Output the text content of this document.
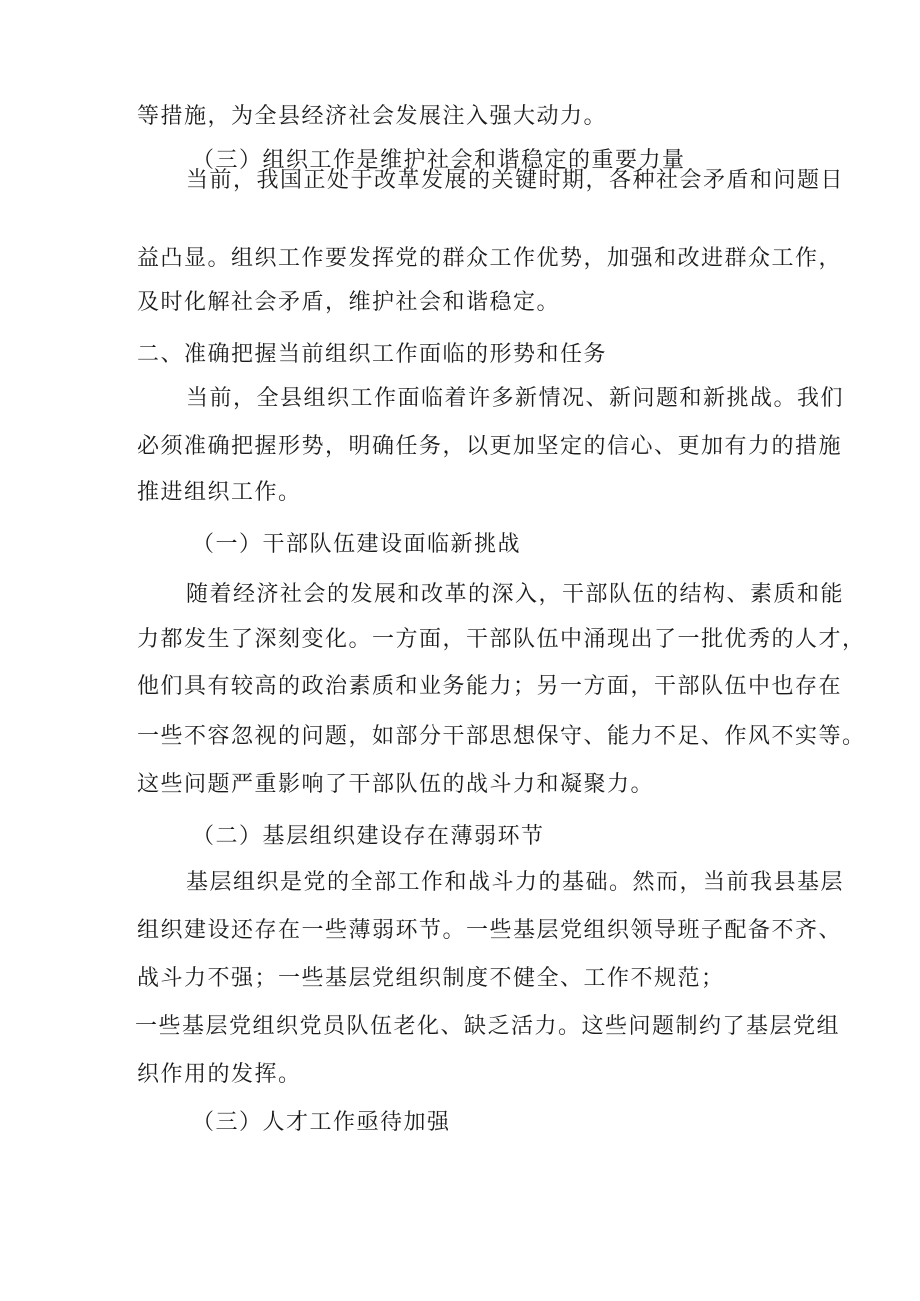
等措施，为全县经济社会发展注入强大动力。
（三）组织工作是维护社会和谐稳定的重要力量
当前，我国正处于改革发展的关键时期，各种社会矛盾和问题日
益凸显。组织工作要发挥党的群众工作优势，加强和改进群众工作，
及时化解社会矛盾，维护社会和谐稳定。
二、准确把握当前组织工作面临的形势和任务
当前，全县组织工作面临着许多新情况、新问题和新挑战。我们
必须准确把握形势，明确任务，以更加坚定的信心、更加有力的措施
推进组织工作。
（一）干部队伍建设面临新挑战
随着经济社会的发展和改革的深入，干部队伍的结构、素质和能
力都发生了深刻变化。一方面，干部队伍中涌现出了一批优秀的人才，
他们具有较高的政治素质和业务能力；另一方面，干部队伍中也存在
一些不容忽视的问题，如部分干部思想保守、能力不足、作风不实等。
这些问题严重影响了干部队伍的战斗力和凝聚力。
（二）基层组织建设存在薄弱环节
基层组织是党的全部工作和战斗力的基础。然而，当前我县基层
组织建设还存在一些薄弱环节。一些基层党组织领导班子配备不齐、
战斗力不强；一些基层党组织制度不健全、工作不规范；
一些基层党组织党员队伍老化、缺乏活力。这些问题制约了基层党组
织作用的发挥。
（三）人才工作亟待加强
